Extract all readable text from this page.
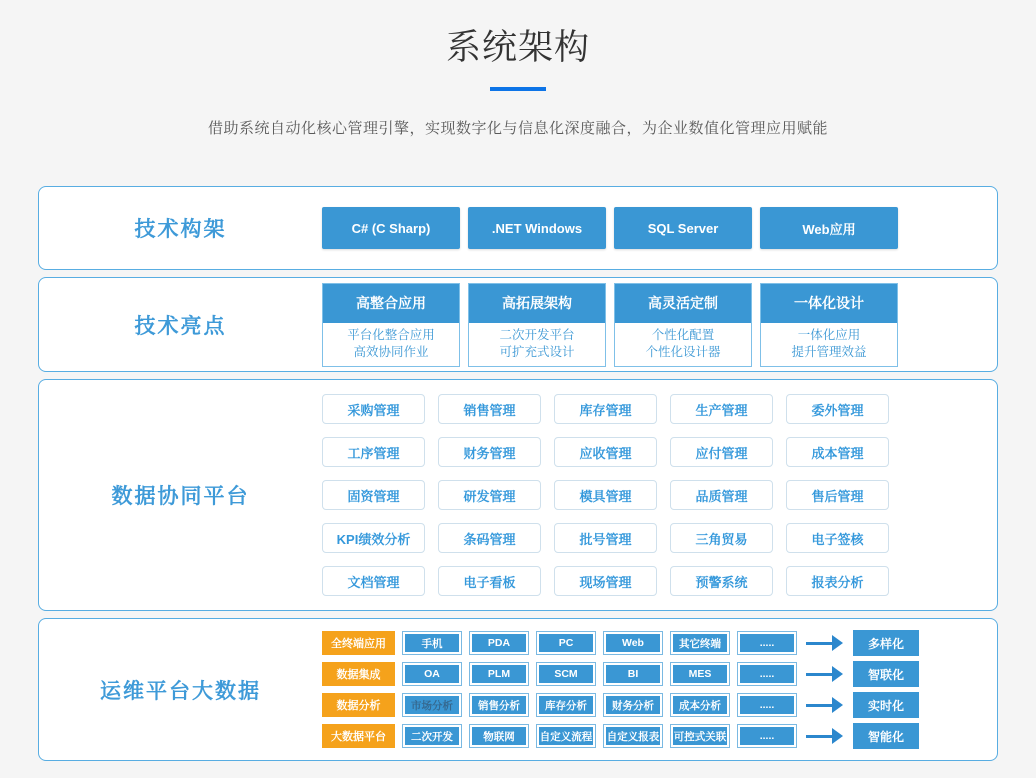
系统架构
借助系统自动化核心管理引擎，实现数字化与信息化深度融合，为企业数值化管理应用赋能
技术构架	C# (C Sharp)	.NET Windows	SQL Server	Web应用
技术亮点
高整合应用
平台化整合应用
高效协同作业
高拓展架构
二次开发平台
可扩充式设计
高灵活定制
个性化配置
个性化设计器
一体化设计
一体化应用
提升管理效益
数据协同平台
采购管理	销售管理	库存管理	生产管理	委外管理
工序管理	财务管理	应收管理	应付管理	成本管理
固资管理	研发管理	模具管理	品质管理	售后管理
KPI绩效分析	条码管理	批号管理	三角贸易	电子签核
文档管理	电子看板	现场管理	预警系统	报表分析
运维平台大数据
全终端应用	手机	PDA	PC	Web	其它终端	.....	多样化
数据集成	OA	PLM	SCM	BI	MES	.....	智联化
数据分析	市场分析	销售分析	库存分析	财务分析	成本分析	.....	实时化
大数据平台	二次开发	物联网	自定义流程	自定义报表	可控式关联	.....	智能化
